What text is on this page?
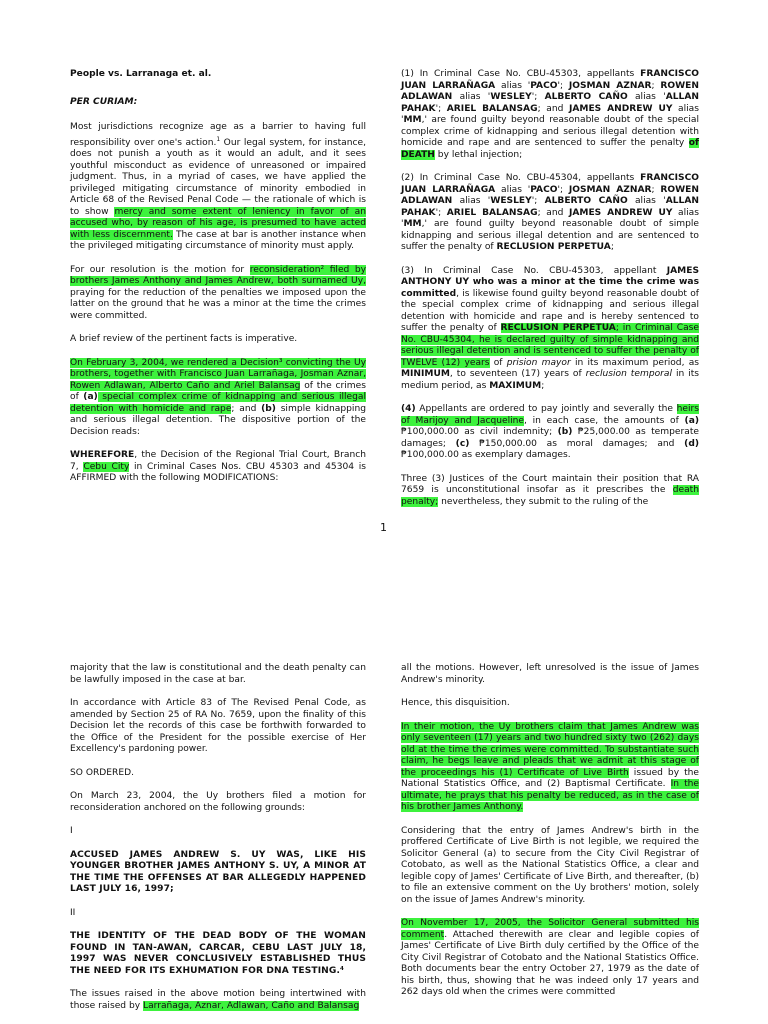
People vs. Larranaga et. al.

PER CURIAM:

Most jurisdictions recognize age as a barrier to having full responsibility over one's action.$^1$ Our legal system, for instance, does not punish a youth as it would an adult, and it sees youthful misconduct as evidence of unreasoned or impaired judgment. Thus, in a myriad of cases, we have applied the privileged mitigating circumstance of minority embodied in Article 68 of the Revised Penal Code — the rationale of which is to show mercy and some extent of leniency in favor of an accused who, by reason of his age, is presumed to have acted with less discernment. The case at bar is another instance when the privileged mitigating circumstance of minority must apply.

For our resolution is the motion for reconsideration² filed by brothers James Anthony and James Andrew, both surnamed Uy, praying for the reduction of the penalties we imposed upon the latter on the ground that he was a minor at the time the crimes were committed.

A brief review of the pertinent facts is imperative.

On February 3, 2004, we rendered a Decision³ convicting the Uy brothers, together with Francisco Juan Larrañaga, Josman Aznar, Rowen Adlawan, Alberto Caño and Ariel Balansag of the crimes of (a) special complex crime of kidnapping and serious illegal detention with homicide and rape; and (b) simple kidnapping and serious illegal detention. The dispositive portion of the Decision reads:

WHEREFORE, the Decision of the Regional Trial Court, Branch 7, Cebu City in Criminal Cases Nos. CBU 45303 and 45304 is AFFIRMED with the following MODIFICATIONS:

(1) In Criminal Case No. CBU-45303, appellants FRANCISCO JUAN LARRAÑAGA alias 'PACO'; JOSMAN AZNAR; ROWEN ADLAWAN alias 'WESLEY'; ALBERTO CAÑO alias 'ALLAN PAHAK'; ARIEL BALANSAG; and JAMES ANDREW UY alias 'MM,' are found guilty beyond reasonable doubt of the special complex crime of kidnapping and serious illegal detention with homicide and rape and are sentenced to suffer the penalty of DEATH by lethal injection;

(2) In Criminal Case No. CBU-45304, appellants FRANCISCO JUAN LARRAÑAGA alias 'PACO'; JOSMAN AZNAR; ROWEN ADLAWAN alias 'WESLEY'; ALBERTO CAÑO alias 'ALLAN PAHAK'; ARIEL BALANSAG; and JAMES ANDREW UY alias 'MM,' are found guilty beyond reasonable doubt of simple kidnapping and serious illegal detention and are sentenced to suffer the penalty of RECLUSION PERPETUA;

(3) In Criminal Case No. CBU-45303, appellant JAMES ANTHONY UY who was a minor at the time the crime was committed, is likewise found guilty beyond reasonable doubt of the special complex crime of kidnapping and serious illegal detention with homicide and rape and is hereby sentenced to suffer the penalty of RECLUSION PERPETUA; in Criminal Case No. CBU-45304, he is declared guilty of simple kidnapping and serious illegal detention and is sentenced to suffer the penalty of TWELVE (12) years of prision mayor in its maximum period, as MINIMUM, to seventeen (17) years of reclusion temporal in its medium period, as MAXIMUM;

(4) Appellants are ordered to pay jointly and severally the heirs of Marijoy and Jacqueline, in each case, the amounts of (a) ₱100,000.00 as civil indemnity; (b) ₱25,000.00 as temperate damages; (c) ₱150,000.00 as moral damages; and (d) ₱100,000.00 as exemplary damages.

Three (3) Justices of the Court maintain their position that RA 7659 is unconstitutional insofar as it prescribes the death penalty; nevertheless, they submit to the ruling of the

1

majority that the law is constitutional and the death penalty can be lawfully imposed in the case at bar.

In accordance with Article 83 of The Revised Penal Code, as amended by Section 25 of RA No. 7659, upon the finality of this Decision let the records of this case be forthwith forwarded to the Office of the President for the possible exercise of Her Excellency's pardoning power.

SO ORDERED.

On March 23, 2004, the Uy brothers filed a motion for reconsideration anchored on the following grounds:

I

ACCUSED JAMES ANDREW S. UY WAS, LIKE HIS YOUNGER BROTHER JAMES ANTHONY S. UY, A MINOR AT THE TIME THE OFFENSES AT BAR ALLEGEDLY HAPPENED LAST JULY 16, 1997;

II

THE IDENTITY OF THE DEAD BODY OF THE WOMAN FOUND IN TAN-AWAN, CARCAR, CEBU LAST JULY 18, 1997 WAS NEVER CONCLUSIVELY ESTABLISHED THUS THE NEED FOR ITS EXHUMATION FOR DNA TESTING.⁴

The issues raised in the above motion being intertwined with those raised by Larrañaga, Aznar, Adlawan, Caño and Balansag

all the motions. However, left unresolved is the issue of James Andrew's minority.

Hence, this disquisition.

In their motion, the Uy brothers claim that James Andrew was only seventeen (17) years and two hundred sixty two (262) days old at the time the crimes were committed. To substantiate such claim, he begs leave and pleads that we admit at this stage of the proceedings his (1) Certificate of Live Birth issued by the National Statistics Office, and (2) Baptismal Certificate. In the ultimate, he prays that his penalty be reduced, as in the case of his brother James Anthony.

Considering that the entry of James Andrew's birth in the proffered Certificate of Live Birth is not legible, we required the Solicitor General (a) to secure from the City Civil Registrar of Cotobato, as well as the National Statistics Office, a clear and legible copy of James' Certificate of Live Birth, and thereafter, (b) to file an extensive comment on the Uy brothers' motion, solely on the issue of James Andrew's minority.

On November 17, 2005, the Solicitor General submitted his comment. Attached therewith are clear and legible copies of James' Certificate of Live Birth duly certified by the Office of the City Civil Registrar of Cotobato and the National Statistics Office. Both documents bear the entry October 27, 1979 as the date of his birth, thus, showing that he was indeed only 17 years and 262 days old when the crimes were committed
